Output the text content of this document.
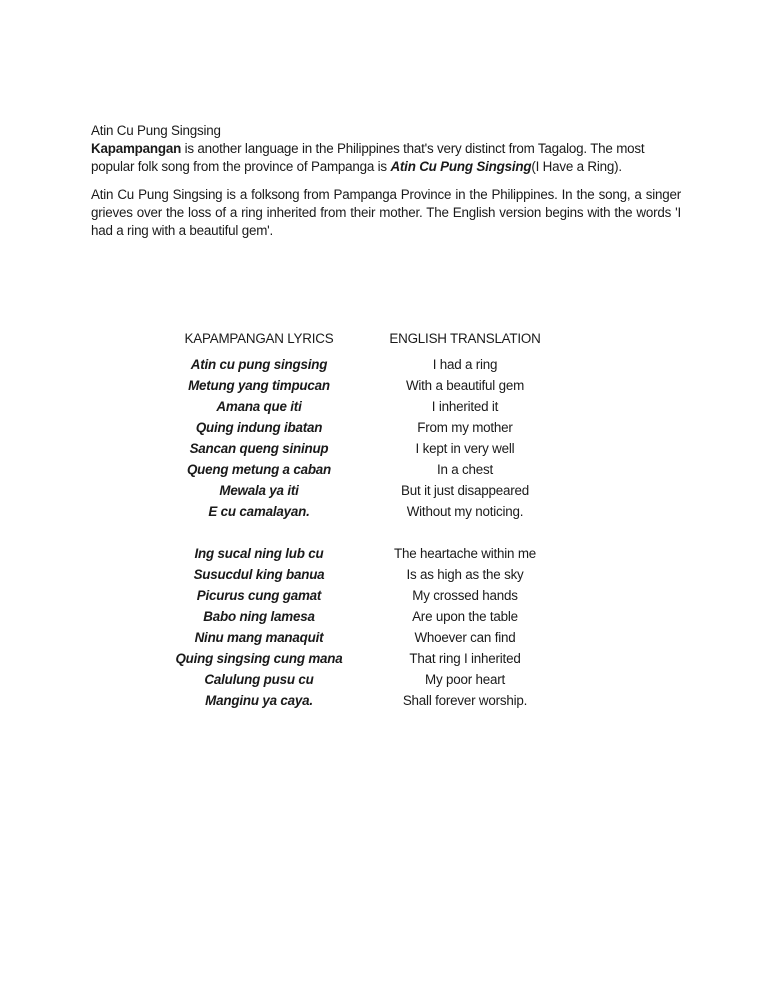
Atin Cu Pung Singsing

Kapampangan is another language in the Philippines that's very distinct from Tagalog. The most popular folk song from the province of Pampanga is Atin Cu Pung Singsing(I Have a Ring).

Atin Cu Pung Singsing is a folksong from Pampanga Province in the Philippines. In the song, a singer grieves over the loss of a ring inherited from their mother. The English version begins with the words 'I had a ring with a beautiful gem'.

KAPAMPANGAN LYRICS
Atin cu pung singsing
Metung yang timpucan
Amana que iti
Quing indung ibatan
Sancan queng sininup
Queng metung a caban
Mewala ya iti
E cu camalayan.
Ing sucal ning lub cu
Susucdul king banua
Picurus cung gamat
Babo ning lamesa
Ninu mang manaquit
Quing singsing cung mana
Calulung pusu cu
Manginu ya caya.
ENGLISH TRANSLATION
I had a ring
With a beautiful gem
I inherited it
From my mother
I kept in very well
In a chest
But it just disappeared
Without my noticing.
The heartache within me
Is as high as the sky
My crossed hands
Are upon the table
Whoever can find
That ring I inherited
My poor heart
Shall forever worship.
